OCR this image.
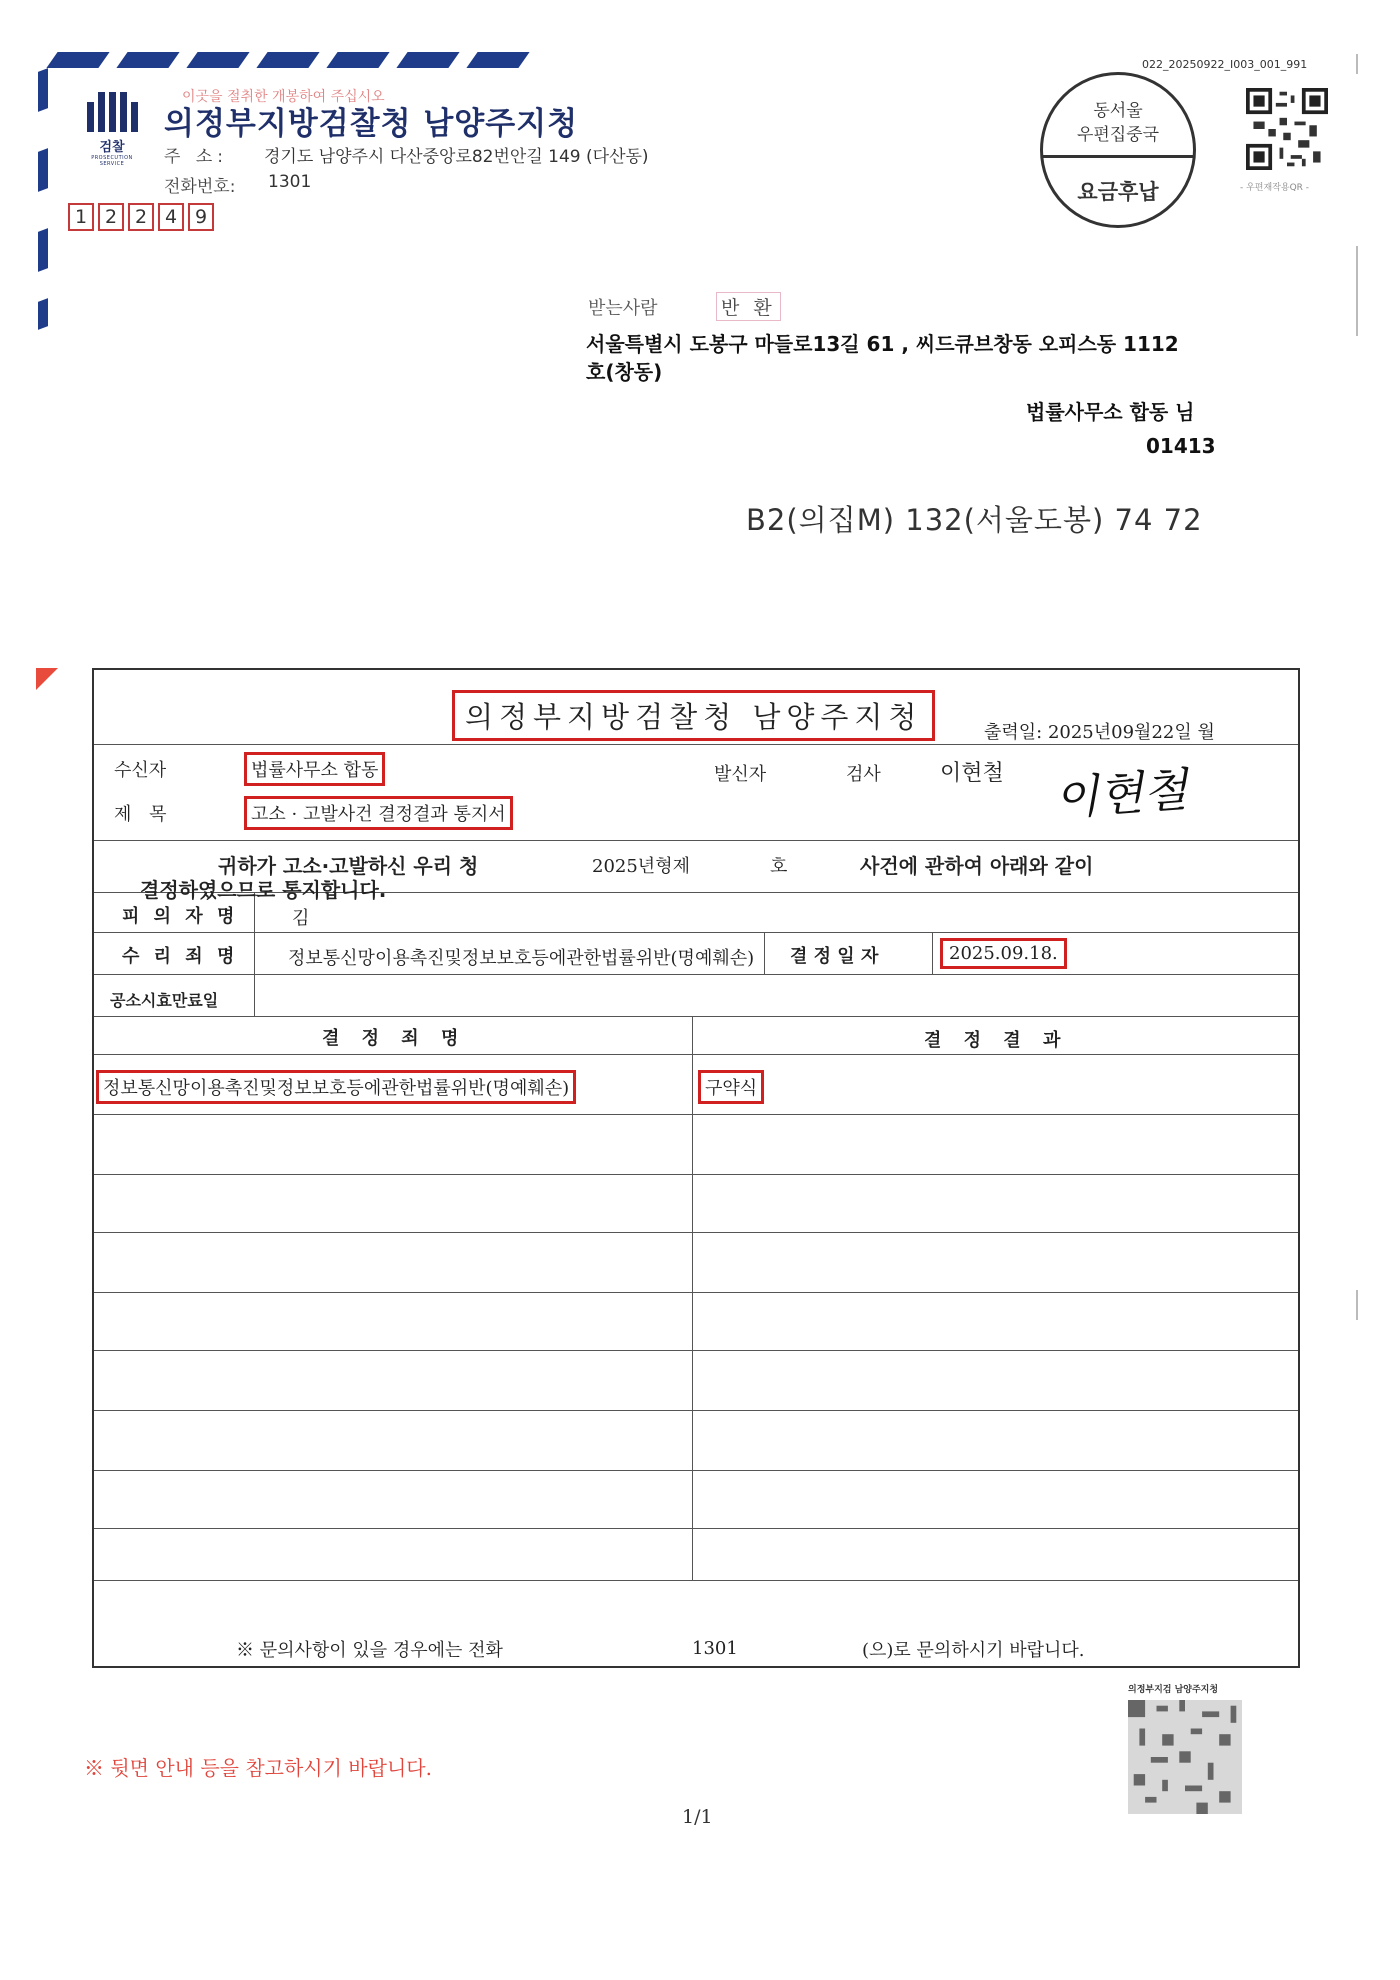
검찰
PROSECUTION SERVICE
이곳을 절취한 개봉하여 주십시오
의정부지방검찰청 남양주지청
주 소: 경기도 남양주시 다산중앙로82번안길 149 (다산동)
전화번호: 1301
1 2 2 4 9
022_20250922_I003_001_991
동서울
우편집중국
요금후납	- 우편재작용QR -
받는사람	반 환
서울특별시 도봉구 마들로13길 61 , 씨드큐브창동 오피스동 1112
호(창동)
법률사무소 합동 님
01413
B2(의집M) 132(서울도봉) 74 72
의정부지방검찰청 남양주지청	출력일: 2025년09월22일 월
수신자	법률사무소 합동	발신자	검사	이현철 이현철
제 목	고소 · 고발사건 결정결과 통지서
귀하가 고소·고발하신 우리 청	2025년형제	호	사건에 관하여 아래와 같이
결정하였으므로 통지합니다.
피 의 자 명	김
수 리 죄 명	정보통신망이용촉진및정보보호등에관한법률위반(명예훼손) 결 정 일 자	2025.09.18.
공소시효만료일
결 정 죄 명	결 정 결 과
정보통신망이용촉진및정보보호등에관한법률위반(명예훼손)	구약식
※ 문의사항이 있을 경우에는 전화	1301	(으)로 문의하시기 바랍니다.
의정부지검 남양주지청
※ 뒷면 안내 등을 참고하시기 바랍니다.
1/1
